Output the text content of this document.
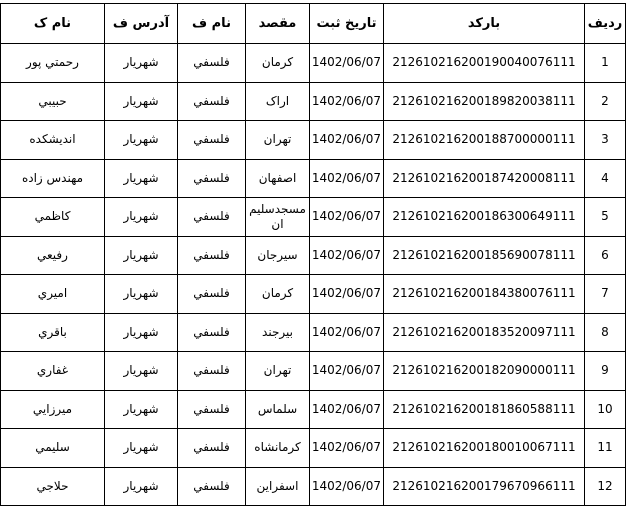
ردیف	بارکد	تاریخ ثبت	مقصد	نام ف	آدرس ف	نام ک
1	212610216200190040076111	1402/06/07	کرمان	فلسفي	شهريار	رحمتي پور
2	212610216200189820038111	1402/06/07	اراک	فلسفي	شهريار	حبيبي
3	212610216200188700000111	1402/06/07	تهران	فلسفي	شهريار	انديشكده
4	212610216200187420008111	1402/06/07	اصفهان	فلسفي	شهريار	مهندس زاده
5	212610216200186300649111	1402/06/07	مسجدسليم ان	فلسفي	شهريار	كاظمي
6	212610216200185690078111	1402/06/07	سيرجان	فلسفي	شهريار	رفيعي
7	212610216200184380076111	1402/06/07	کرمان	فلسفي	شهريار	اميري
8	212610216200183520097111	1402/06/07	بيرجند	فلسفي	شهريار	باقري
9	212610216200182090000111	1402/06/07	تهران	فلسفي	شهريار	غفاري
10	212610216200181860588111	1402/06/07	سلماس	فلسفي	شهريار	ميرزايي
11	212610216200180010067111	1402/06/07	کرمانشاه	فلسفي	شهريار	سليمي
12	212610216200179670966111	1402/06/07	اسفراين	فلسفي	شهريار	حلاجي
